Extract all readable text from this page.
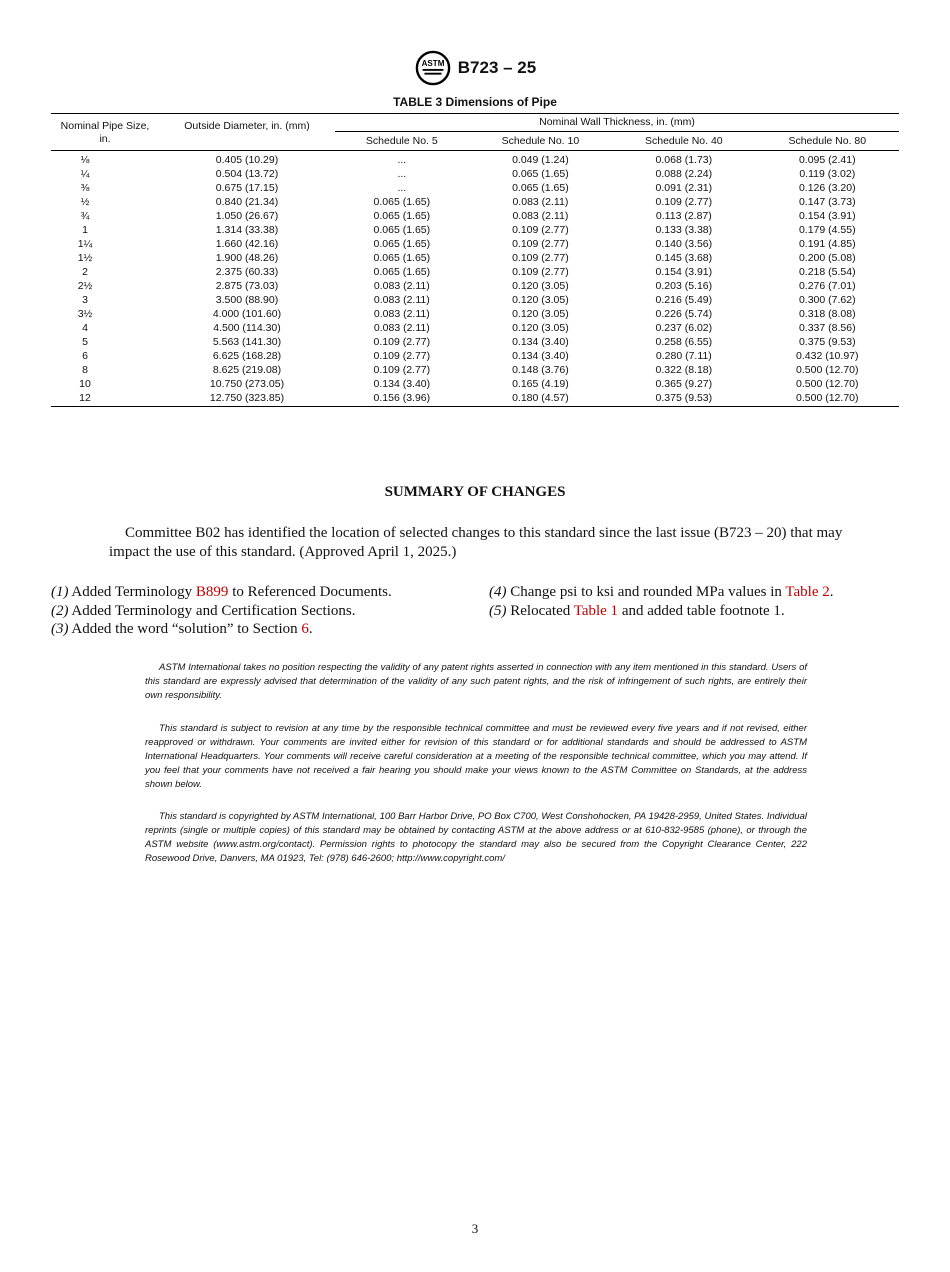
ASTM B723 – 25
TABLE 3 Dimensions of Pipe
Nominal Pipe Size, in.	Outside Diameter, in. (mm)	Nominal Wall Thickness, in. (mm)			
		Schedule No. 5	Schedule No. 10	Schedule No. 40	Schedule No. 80
⅛	0.405 (10.29)	...	0.049 (1.24)	0.068 (1.73)	0.095 (2.41)
¼	0.504 (13.72)	...	0.065 (1.65)	0.088 (2.24)	0.119 (3.02)
⅜	0.675 (17.15)	...	0.065 (1.65)	0.091 (2.31)	0.126 (3.20)
½	0.840 (21.34)	0.065 (1.65)	0.083 (2.11)	0.109 (2.77)	0.147 (3.73)
¾	1.050 (26.67)	0.065 (1.65)	0.083 (2.11)	0.113 (2.87)	0.154 (3.91)
1	1.314 (33.38)	0.065 (1.65)	0.109 (2.77)	0.133 (3.38)	0.179 (4.55)
1¼	1.660 (42.16)	0.065 (1.65)	0.109 (2.77)	0.140 (3.56)	0.191 (4.85)
1½	1.900 (48.26)	0.065 (1.65)	0.109 (2.77)	0.145 (3.68)	0.200 (5.08)
2	2.375 (60.33)	0.065 (1.65)	0.109 (2.77)	0.154 (3.91)	0.218 (5.54)
2½	2.875 (73.03)	0.083 (2.11)	0.120 (3.05)	0.203 (5.16)	0.276 (7.01)
3	3.500 (88.90)	0.083 (2.11)	0.120 (3.05)	0.216 (5.49)	0.300 (7.62)
3½	4.000 (101.60)	0.083 (2.11)	0.120 (3.05)	0.226 (5.74)	0.318 (8.08)
4	4.500 (114.30)	0.083 (2.11)	0.120 (3.05)	0.237 (6.02)	0.337 (8.56)
5	5.563 (141.30)	0.109 (2.77)	0.134 (3.40)	0.258 (6.55)	0.375 (9.53)
6	6.625 (168.28)	0.109 (2.77)	0.134 (3.40)	0.280 (7.11)	0.432 (10.97)
8	8.625 (219.08)	0.109 (2.77)	0.148 (3.76)	0.322 (8.18)	0.500 (12.70)
10	10.750 (273.05)	0.134 (3.40)	0.165 (4.19)	0.365 (9.27)	0.500 (12.70)
12	12.750 (323.85)	0.156 (3.96)	0.180 (4.57)	0.375 (9.53)	0.500 (12.70)
SUMMARY OF CHANGES
Committee B02 has identified the location of selected changes to this standard since the last issue (B723 – 20) that may impact the use of this standard. (Approved April 1, 2025.)
(1) Added Terminology B899 to Referenced Documents.
(2) Added Terminology and Certification Sections.
(3) Added the word “solution” to Section 6.
(4) Change psi to ksi and rounded MPa values in Table 2.
(5) Relocated Table 1 and added table footnote 1.

ASTM International takes no position respecting the validity of any patent rights asserted in connection with any item mentioned in this standard. Users of this standard are expressly advised that determination of the validity of any such patent rights, and the risk of infringement of such rights, are entirely their own responsibility.

This standard is subject to revision at any time by the responsible technical committee and must be reviewed every five years and if not revised, either reapproved or withdrawn. Your comments are invited either for revision of this standard or for additional standards and should be addressed to ASTM International Headquarters. Your comments will receive careful consideration at a meeting of the responsible technical committee, which you may attend. If you feel that your comments have not received a fair hearing you should make your views known to the ASTM Committee on Standards, at the address shown below.

This standard is copyrighted by ASTM International, 100 Barr Harbor Drive, PO Box C700, West Conshohocken, PA 19428-2959, United States. Individual reprints (single or multiple copies) of this standard may be obtained by contacting ASTM at the above address or at 610-832-9585 (phone), or through the ASTM website (www.astm.org/contact). Permission rights to photocopy the standard may also be secured from the Copyright Clearance Center, 222 Rosewood Drive, Danvers, MA 01923, Tel: (978) 646-2600; http://www.copyright.com/

3
